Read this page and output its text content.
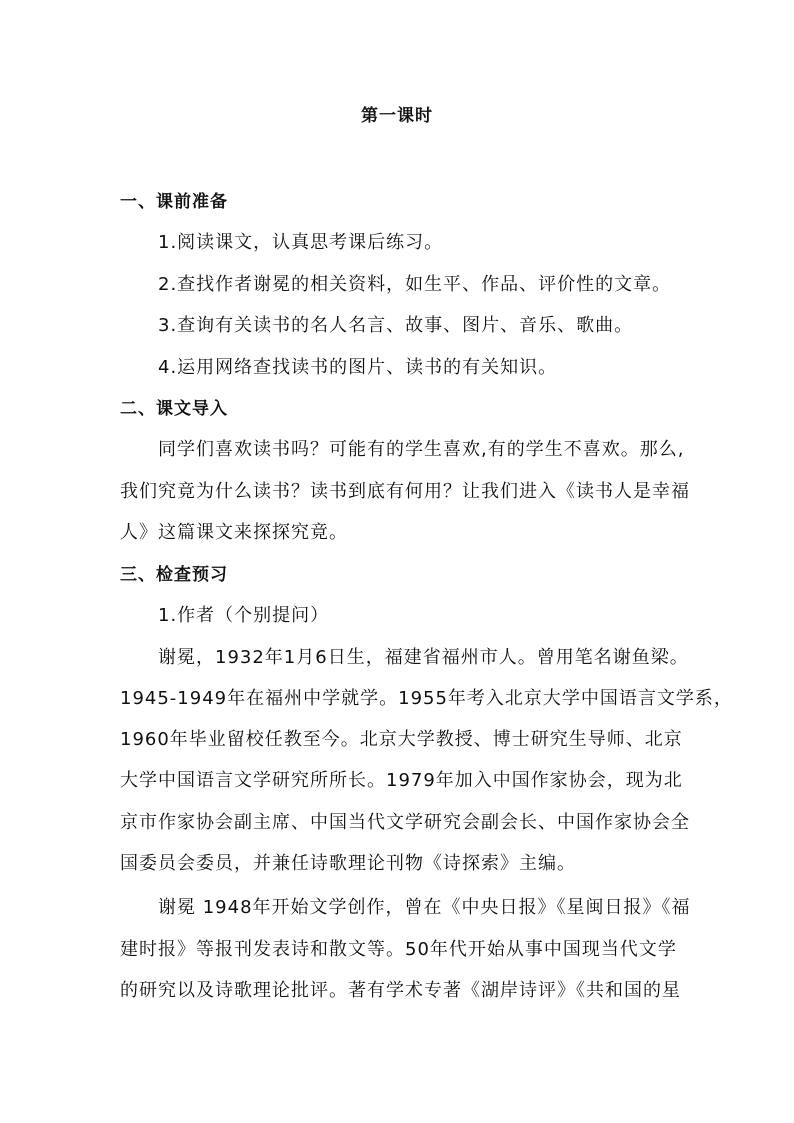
第一课时
一、课前准备
1.阅读课文，认真思考课后练习。
2.查找作者谢冕的相关资料，如生平、作品、评价性的文章。
3.查询有关读书的名人名言、故事、图片、音乐、歌曲。
4.运用网络查找读书的图片、读书的有关知识。
二、课文导入
同学们喜欢读书吗？可能有的学生喜欢,有的学生不喜欢。那么,
我们究竟为什么读书？读书到底有何用？让我们进入《读书人是幸福
人》这篇课文来探探究竟。
三、检查预习
1.作者（个别提问）
谢冕，1932年1月6日生，福建省福州市人。曾用笔名谢鱼梁。
1945-1949年在福州中学就学。1955年考入北京大学中国语言文学系，
1960年毕业留校任教至今。北京大学教授、博士研究生导师、北京
大学中国语言文学研究所所长。1979年加入中国作家协会，现为北
京市作家协会副主席、中国当代文学研究会副会长、中国作家协会全
国委员会委员，并兼任诗歌理论刊物《诗探索》主编。
谢冕 1948年开始文学创作，曾在《中央日报》《星闽日报》《福
建时报》等报刊发表诗和散文等。50年代开始从事中国现当代文学
的研究以及诗歌理论批评。著有学术专著《湖岸诗评》《共和国的星
